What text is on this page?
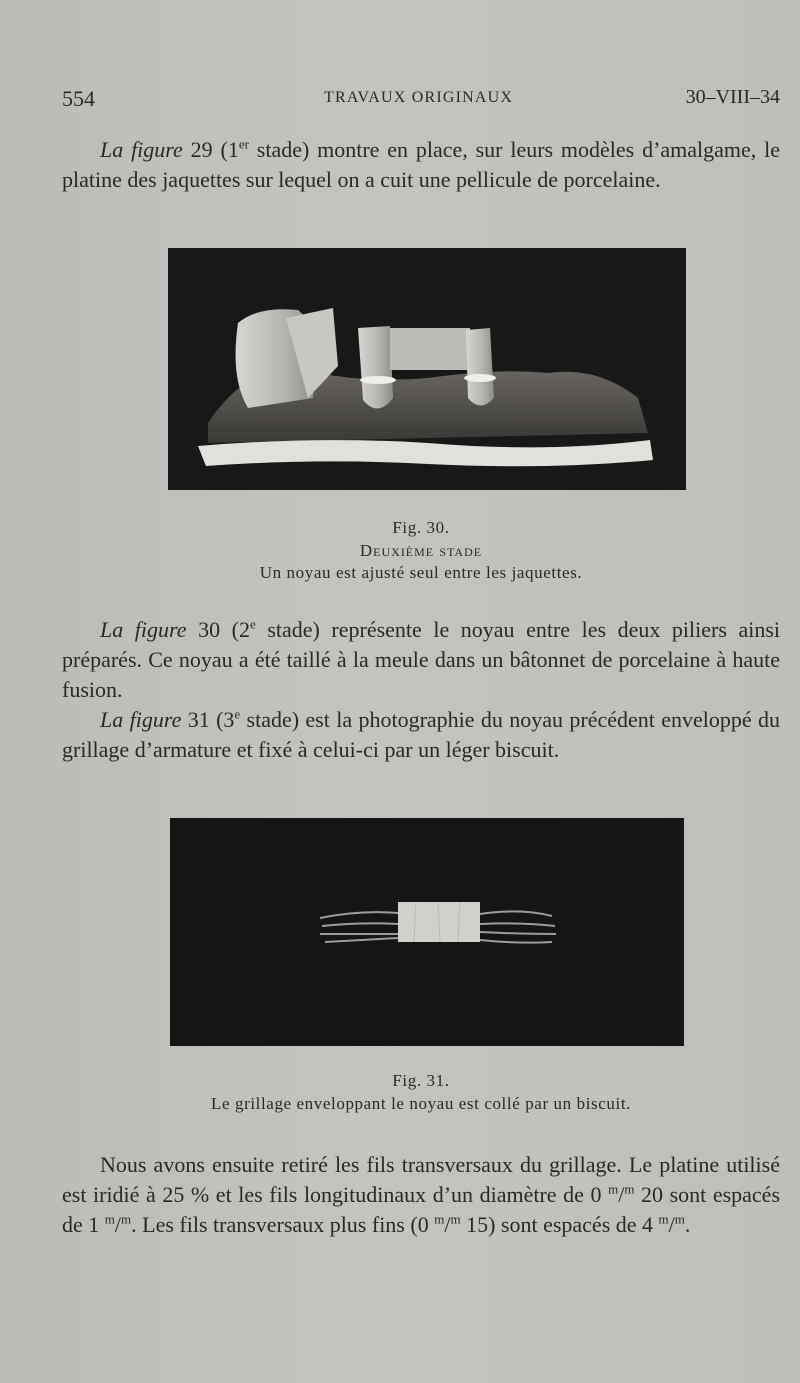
554	TRAVAUX ORIGINAUX	30–VIII–34

La figure 29 (1er stade) montre en place, sur leurs modèles d’amalgame, le platine des jaquettes sur lequel on a cuit une pellicule de porcelaine.

Fig. 30.
Deuxième stade
Un noyau est ajusté seul entre les jaquettes.

La figure 30 (2e stade) représente le noyau entre les deux piliers ainsi préparés. Ce noyau a été taillé à la meule dans un bâtonnet de porcelaine à haute fusion.

La figure 31 (3e stade) est la photographie du noyau précédent enveloppé du grillage d’armature et fixé à celui-ci par un léger biscuit.

Fig. 31.
Le grillage enveloppant le noyau est collé par un biscuit.

Nous avons ensuite retiré les fils transversaux du grillage. Le platine utilisé est iridié à 25 % et les fils longitudinaux d’un diamètre de 0 $^m$/$^m$ 20 sont espacés de 1 $^m$/$^m$. Les fils transversaux plus fins (0 $^m$/$^m$ 15) sont espacés de 4 $^m$/$^m$.
